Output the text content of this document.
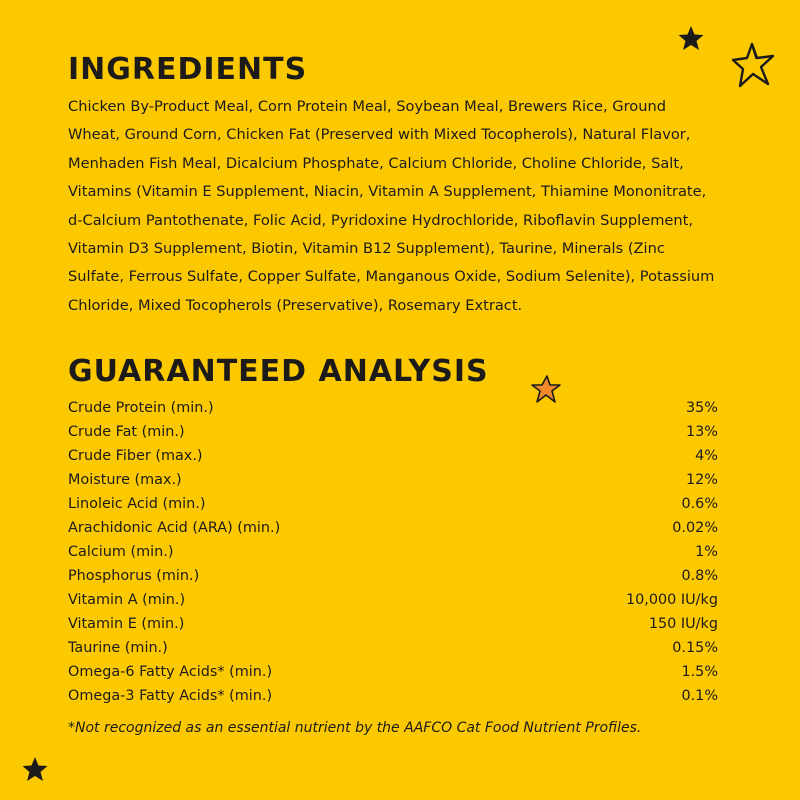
INGREDIENTS

Chicken By-Product Meal, Corn Protein Meal, Soybean Meal, Brewers Rice, Ground Wheat, Ground Corn, Chicken Fat (Preserved with Mixed Tocopherols), Natural Flavor, Menhaden Fish Meal, Dicalcium Phosphate, Calcium Chloride, Choline Chloride, Salt, Vitamins (Vitamin E Supplement, Niacin, Vitamin A Supplement, Thiamine Mononitrate, d-Calcium Pantothenate, Folic Acid, Pyridoxine Hydrochloride, Riboflavin Supplement, Vitamin D3 Supplement, Biotin, Vitamin B12 Supplement), Taurine, Minerals (Zinc Sulfate, Ferrous Sulfate, Copper Sulfate, Manganous Oxide, Sodium Selenite), Potassium Chloride, Mixed Tocopherols (Preservative), Rosemary Extract.

GUARANTEED ANALYSIS
Crude Protein (min.)	35%
Crude Fat (min.)	13%
Crude Fiber (max.)	4%
Moisture (max.)	12%
Linoleic Acid (min.)	0.6%
Arachidonic Acid (ARA) (min.)	0.02%
Calcium (min.)	1%
Phosphorus (min.)	0.8%
Vitamin A (min.)	10,000 IU/kg
Vitamin E (min.)	150 IU/kg
Taurine (min.)	0.15%
Omega-6 Fatty Acids* (min.)	1.5%
Omega-3 Fatty Acids* (min.)	0.1%

*Not recognized as an essential nutrient by the AAFCO Cat Food Nutrient Profiles.
